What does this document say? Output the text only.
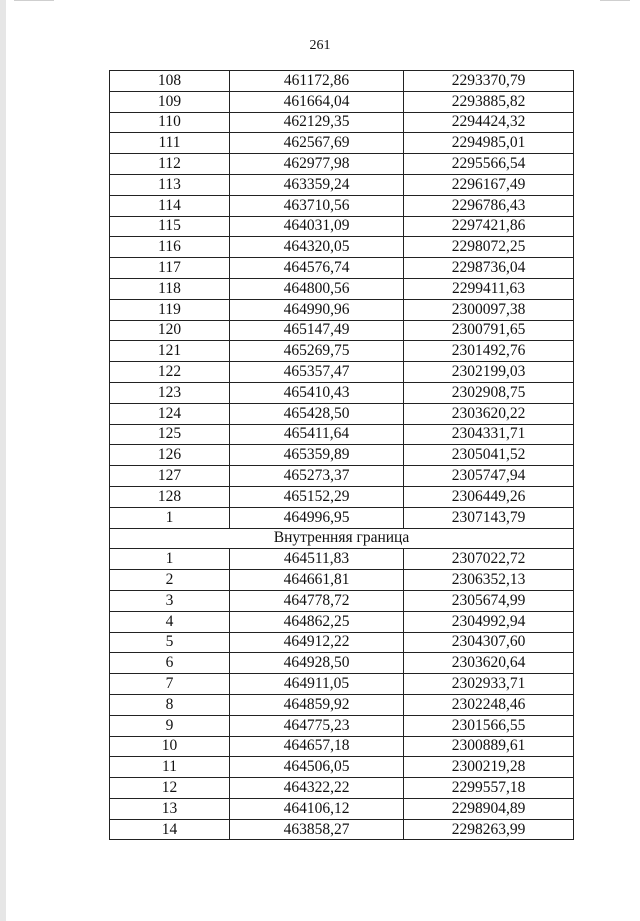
261
108	461172,86	2293370,79
109	461664,04	2293885,82
110	462129,35	2294424,32
111	462567,69	2294985,01
112	462977,98	2295566,54
113	463359,24	2296167,49
114	463710,56	2296786,43
115	464031,09	2297421,86
116	464320,05	2298072,25
117	464576,74	2298736,04
118	464800,56	2299411,63
119	464990,96	2300097,38
120	465147,49	2300791,65
121	465269,75	2301492,76
122	465357,47	2302199,03
123	465410,43	2302908,75
124	465428,50	2303620,22
125	465411,64	2304331,71
126	465359,89	2305041,52
127	465273,37	2305747,94
128	465152,29	2306449,26
1	464996,95	2307143,79
Внутренняя граница		
1	464511,83	2307022,72
2	464661,81	2306352,13
3	464778,72	2305674,99
4	464862,25	2304992,94
5	464912,22	2304307,60
6	464928,50	2303620,64
7	464911,05	2302933,71
8	464859,92	2302248,46
9	464775,23	2301566,55
10	464657,18	2300889,61
11	464506,05	2300219,28
12	464322,22	2299557,18
13	464106,12	2298904,89
14	463858,27	2298263,99
